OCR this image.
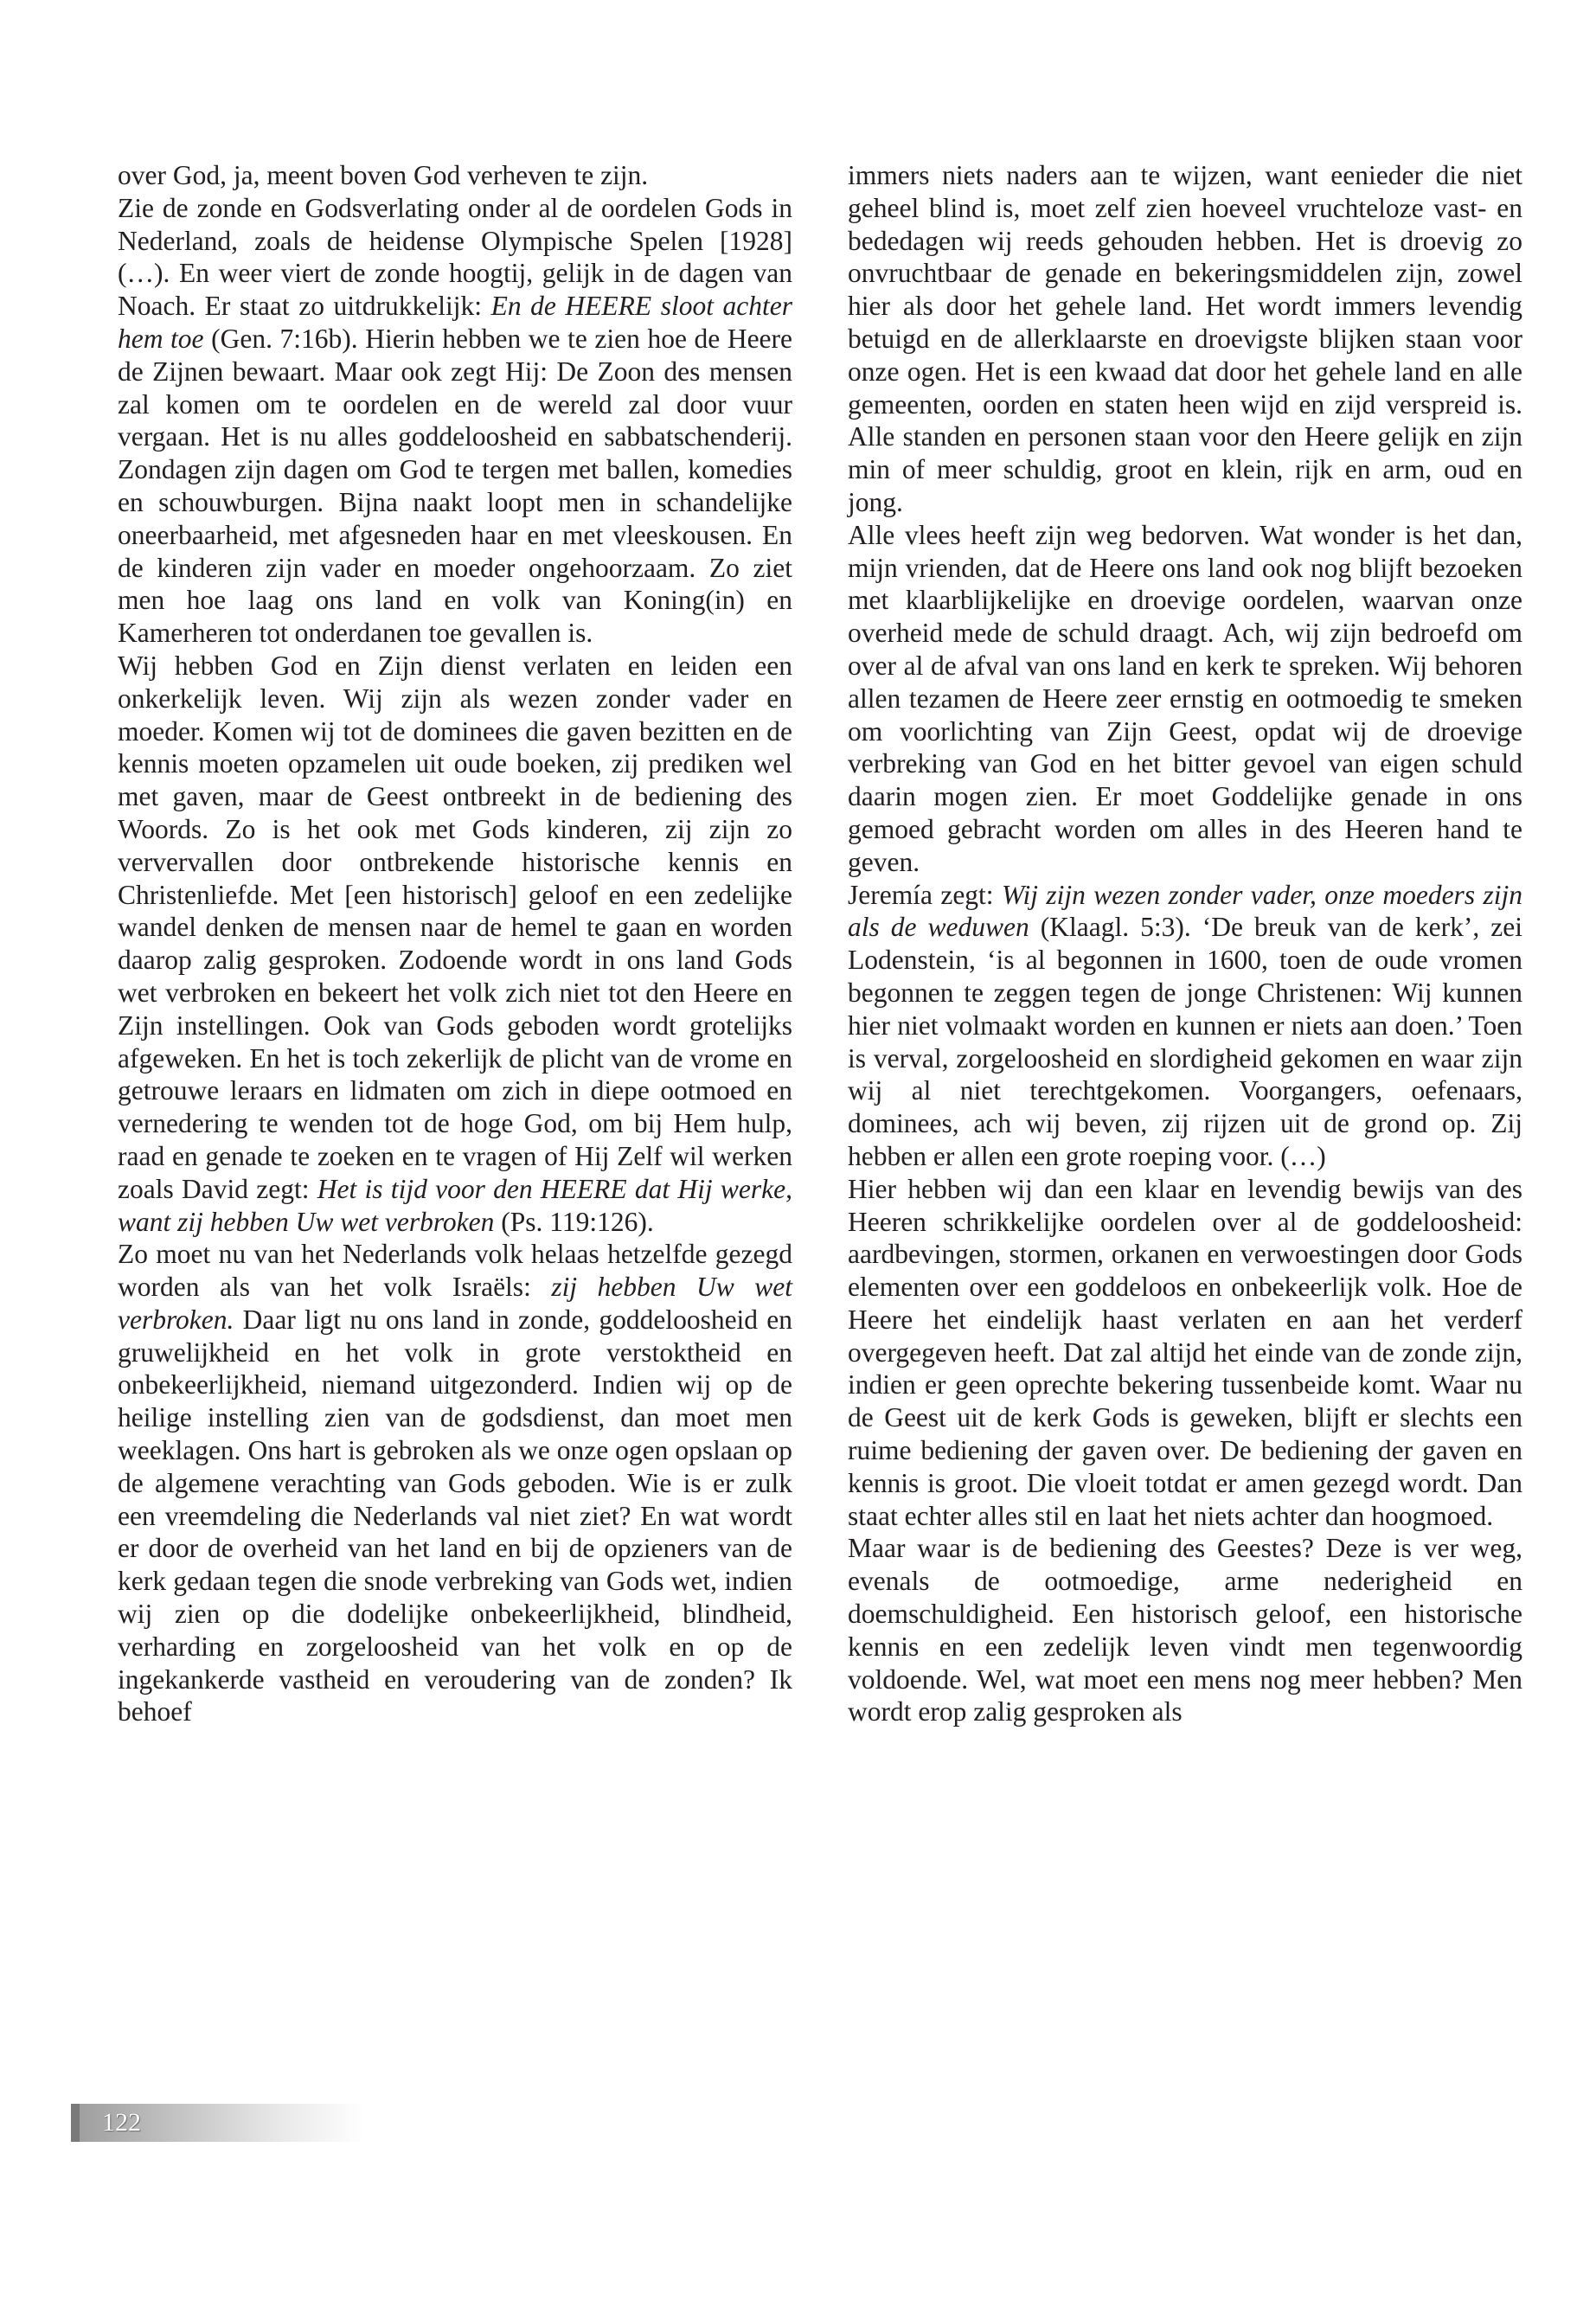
over God, ja, meent boven God verheven te zijn.

Zie de zonde en Godsverlating onder al de oordelen Gods in Nederland, zoals de heidense Olympische Spelen [1928] (…). En weer viert de zonde hoogtij, gelijk in de dagen van Noach. Er staat zo uitdrukkelijk: En de HEERE sloot achter hem toe (Gen. 7:16b). Hierin hebben we te zien hoe de Heere de Zijnen bewaart. Maar ook zegt Hij: De Zoon des mensen zal komen om te oordelen en de wereld zal door vuur vergaan. Het is nu alles goddeloosheid en sabbatschenderij. Zondagen zijn dagen om God te tergen met ballen, komedies en schouwburgen. Bijna naakt loopt men in schandelijke oneerbaarheid, met afgesneden haar en met vleeskousen. En de kinderen zijn vader en moeder ongehoorzaam. Zo ziet men hoe laag ons land en volk van Koning(in) en Kamerheren tot onderdanen toe gevallen is.

Wij hebben God en Zijn dienst verlaten en leiden een onkerkelijk leven. Wij zijn als wezen zonder vader en moeder. Komen wij tot de dominees die gaven bezitten en de kennis moeten opzamelen uit oude boeken, zij prediken wel met gaven, maar de Geest ontbreekt in de bediening des Woords. Zo is het ook met Gods kinderen, zij zijn zo ververvallen door ontbrekende historische kennis en Christenliefde. Met [een historisch] geloof en een zedelijke wandel denken de mensen naar de hemel te gaan en worden daarop zalig gesproken. Zodoende wordt in ons land Gods wet verbroken en bekeert het volk zich niet tot den Heere en Zijn instellingen. Ook van Gods geboden wordt grotelijks afgeweken. En het is toch zekerlijk de plicht van de vrome en getrouwe leraars en lidmaten om zich in diepe ootmoed en vernedering te wenden tot de hoge God, om bij Hem hulp, raad en genade te zoeken en te vragen of Hij Zelf wil werken zoals David zegt: Het is tijd voor den HEERE dat Hij werke, want zij hebben Uw wet verbroken (Ps. 119:126).

Zo moet nu van het Nederlands volk helaas hetzelfde gezegd worden als van het volk Israëls: zij hebben Uw wet verbroken. Daar ligt nu ons land in zonde, goddeloosheid en gruwelijkheid en het volk in grote verstoktheid en onbekeerlijkheid, niemand uitgezonderd. Indien wij op de heilige instelling zien van de godsdienst, dan moet men weeklagen. Ons hart is gebroken als we onze ogen opslaan op de algemene verachting van Gods geboden. Wie is er zulk een vreemdeling die Nederlands val niet ziet? En wat wordt er door de overheid van het land en bij de opzieners van de kerk gedaan tegen die snode verbreking van Gods wet, indien wij zien op die dodelijke onbekeerlijkheid, blindheid, verharding en zorgeloosheid van het volk en op de ingekankerde vastheid en veroudering van de zonden? Ik behoef

immers niets naders aan te wijzen, want eenieder die niet geheel blind is, moet zelf zien hoeveel vruchteloze vast- en bededagen wij reeds gehouden hebben. Het is droevig zo onvruchtbaar de genade en bekeringsmiddelen zijn, zowel hier als door het gehele land. Het wordt immers levendig betuigd en de allerklaarste en droevigste blijken staan voor onze ogen. Het is een kwaad dat door het gehele land en alle gemeenten, oorden en staten heen wijd en zijd verspreid is. Alle standen en personen staan voor den Heere gelijk en zijn min of meer schuldig, groot en klein, rijk en arm, oud en jong.

Alle vlees heeft zijn weg bedorven. Wat wonder is het dan, mijn vrienden, dat de Heere ons land ook nog blijft bezoeken met klaarblijkelijke en droevige oordelen, waarvan onze overheid mede de schuld draagt. Ach, wij zijn bedroefd om over al de afval van ons land en kerk te spreken. Wij behoren allen tezamen de Heere zeer ernstig en ootmoedig te smeken om voorlichting van Zijn Geest, opdat wij de droevige verbreking van God en het bitter gevoel van eigen schuld daarin mogen zien. Er moet Goddelijke genade in ons gemoed gebracht worden om alles in des Heeren hand te geven.

Jeremía zegt: Wij zijn wezen zonder vader, onze moeders zijn als de weduwen (Klaagl. 5:3). ‘De breuk van de kerk’, zei Lodenstein, ‘is al begonnen in 1600, toen de oude vromen begonnen te zeggen tegen de jonge Christenen: Wij kunnen hier niet volmaakt worden en kunnen er niets aan doen.’ Toen is verval, zorgeloosheid en slordigheid gekomen en waar zijn wij al niet terechtgekomen. Voorgangers, oefenaars, dominees, ach wij beven, zij rijzen uit de grond op. Zij hebben er allen een grote roeping voor. (…)

Hier hebben wij dan een klaar en levendig bewijs van des Heeren schrikkelijke oordelen over al de goddeloosheid: aardbevingen, stormen, orkanen en verwoestingen door Gods elementen over een goddeloos en onbekeerlijk volk. Hoe de Heere het eindelijk haast verlaten en aan het verderf overgegeven heeft. Dat zal altijd het einde van de zonde zijn, indien er geen oprechte bekering tussenbeide komt. Waar nu de Geest uit de kerk Gods is geweken, blijft er slechts een ruime bediening der gaven over. De bediening der gaven en kennis is groot. Die vloeit totdat er amen gezegd wordt. Dan staat echter alles stil en laat het niets achter dan hoogmoed.

Maar waar is de bediening des Geestes? Deze is ver weg, evenals de ootmoedige, arme nederigheid en doemschuldigheid. Een historisch geloof, een historische kennis en een zedelijk leven vindt men tegenwoordig voldoende. Wel, wat moet een mens nog meer hebben? Men wordt erop zalig gesproken als

122
